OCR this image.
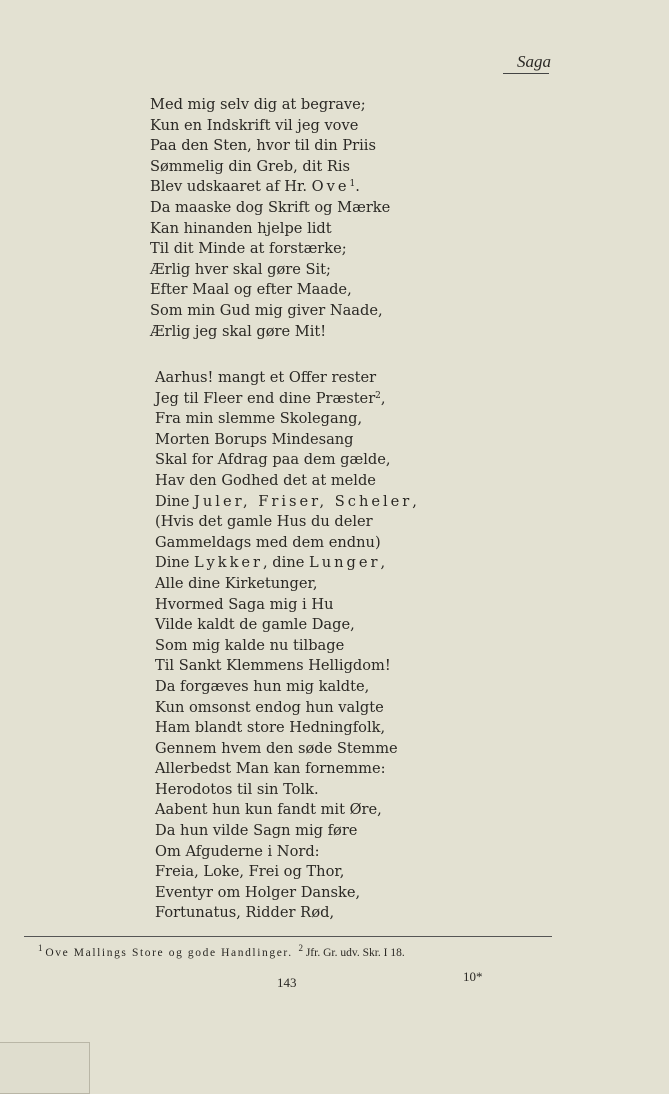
Saga
Med mig selv dig at begrave;
Kun en Indskrift vil jeg vove
Paa den Sten, hvor til din Priis
Sømmelig din Greb, dit Ris
Blev udskaaret af Hr. Ove$^1$.
Da maaske dog Skrift og Mærke
Kan hinanden hjelpe lidt
Til dit Minde at forstærke;
Ærlig hver skal gøre Sit;
Efter Maal og efter Maade,
Som min Gud mig giver Naade,
Ærlig jeg skal gøre Mit!
Aarhus! mangt et Offer rester
Jeg til Fleer end dine Præster$^2$,
Fra min slemme Skolegang,
Morten Borups Mindesang
Skal for Afdrag paa dem gælde,
Hav den Godhed det at melde
Dine Juler, Friser, Scheler,
(Hvis det gamle Hus du deler
Gammeldags med dem endnu)
Dine Lykker, dine Lunger,
Alle dine Kirketunger,
Hvormed Saga mig i Hu
Vilde kaldt de gamle Dage,
Som mig kalde nu tilbage
Til Sankt Klemmens Helligdom!
Da forgæves hun mig kaldte,
Kun omsonst endog hun valgte
Ham blandt store Hedningfolk,
Gennem hvem den søde Stemme
Allerbedst Man kan fornemme:
Herodotos til sin Tolk.
Aabent hun kun fandt mit Øre,
Da hun vilde Sagn mig føre
Om Afguderne i Nord:
Freia, Loke, Frei og Thor,
Eventyr om Holger Danske,
Fortunatus, Ridder Rød,
$^1$ Ove Mallings Store og gode Handlinger. $^2$ Jfr. Gr. udv. Skr. I 18.
143	10*
